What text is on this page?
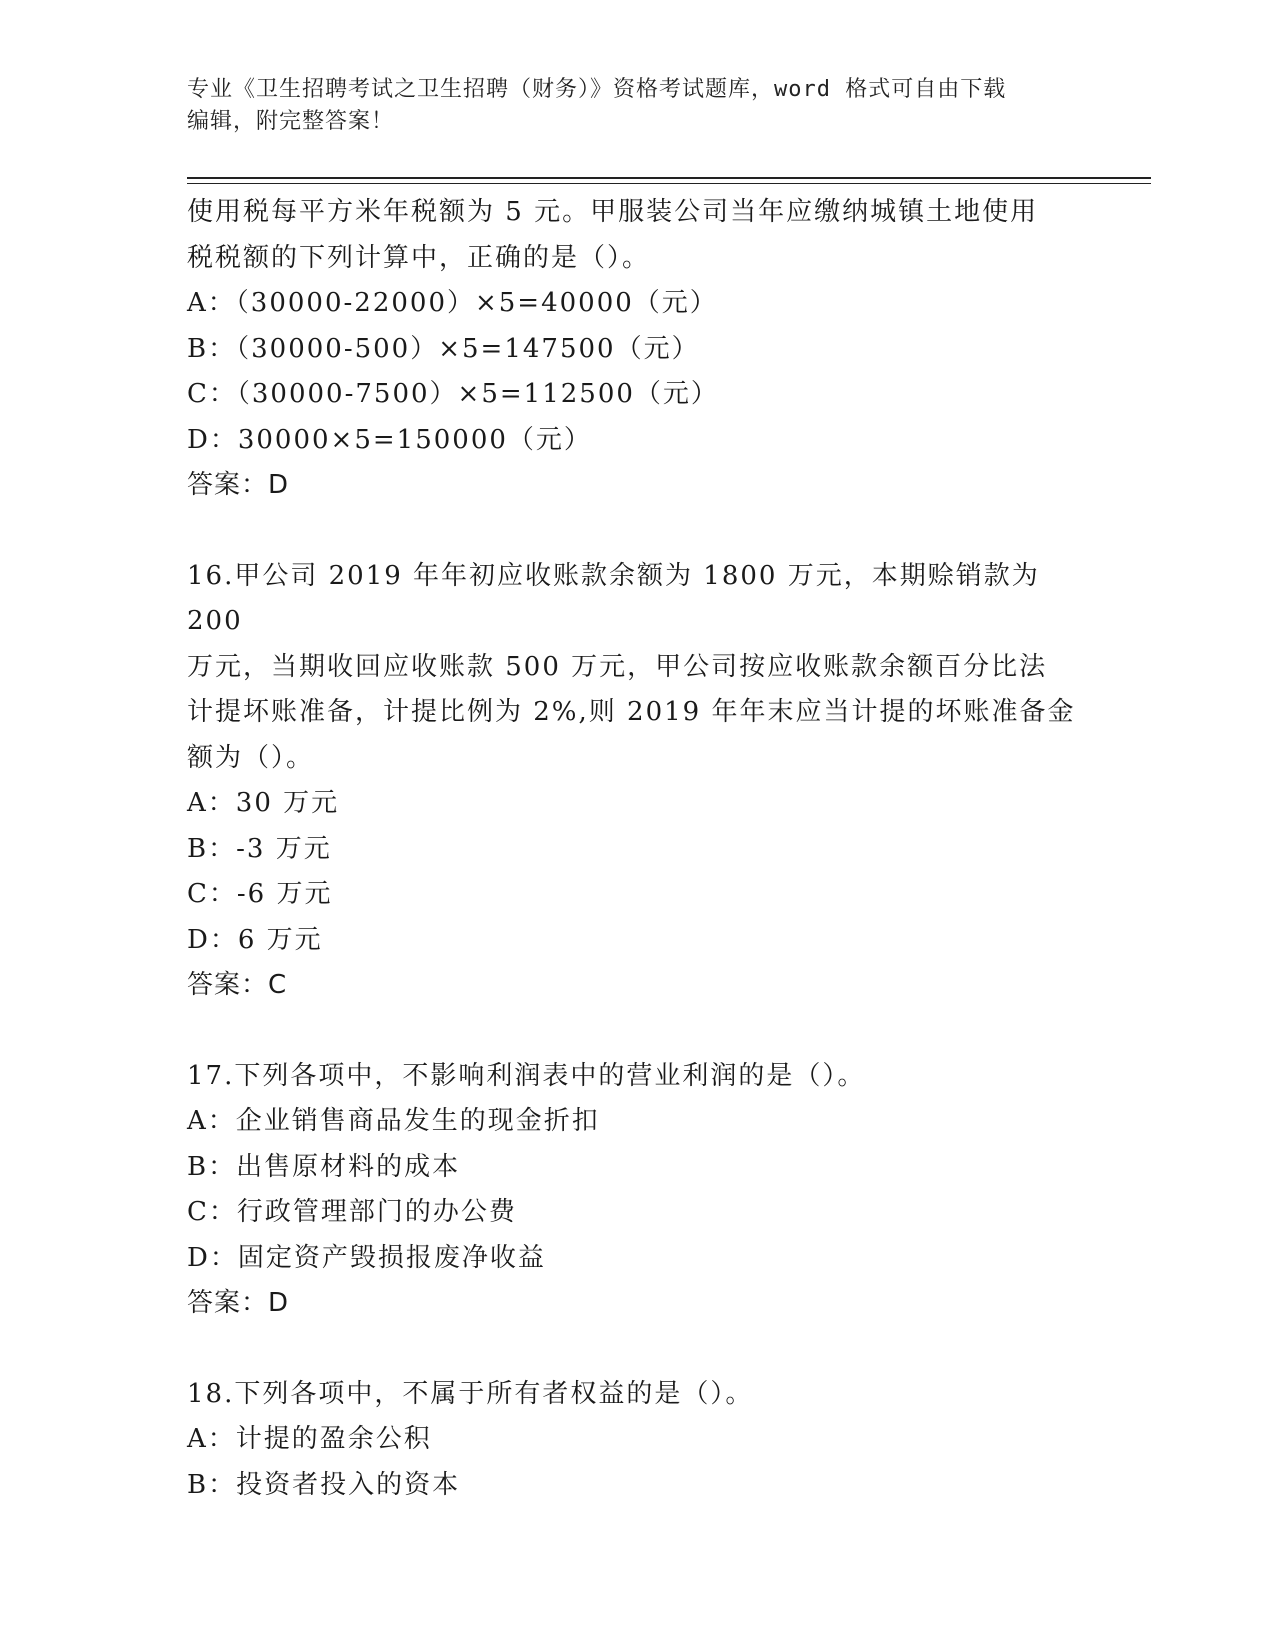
专业《卫生招聘考试之卫生招聘（财务）》资格考试题库，word 格式可自由下载
编辑，附完整答案！

使用税每平方米年税额为 5 元。甲服装公司当年应缴纳城镇土地使用

税税额的下列计算中，正确的是（）。

A：（30000-22000）×5=40000（元）

B：（30000-500）×5=147500（元）

C：（30000-7500）×5=112500（元）

D：30000×5=150000（元）

答案：D

16.甲公司 2019 年年初应收账款余额为 1800 万元，本期赊销款为 200

万元，当期收回应收账款 500 万元，甲公司按应收账款余额百分比法

计提坏账准备，计提比例为 2%,则 2019 年年末应当计提的坏账准备金

额为（）。

A：30 万元

B：-3 万元

C：-6 万元

D：6 万元

答案：C

17.下列各项中，不影响利润表中的营业利润的是（）。

A：企业销售商品发生的现金折扣

B：出售原材料的成本

C：行政管理部门的办公费

D：固定资产毁损报废净收益

答案：D

18.下列各项中，不属于所有者权益的是（）。

A：计提的盈余公积

B：投资者投入的资本
